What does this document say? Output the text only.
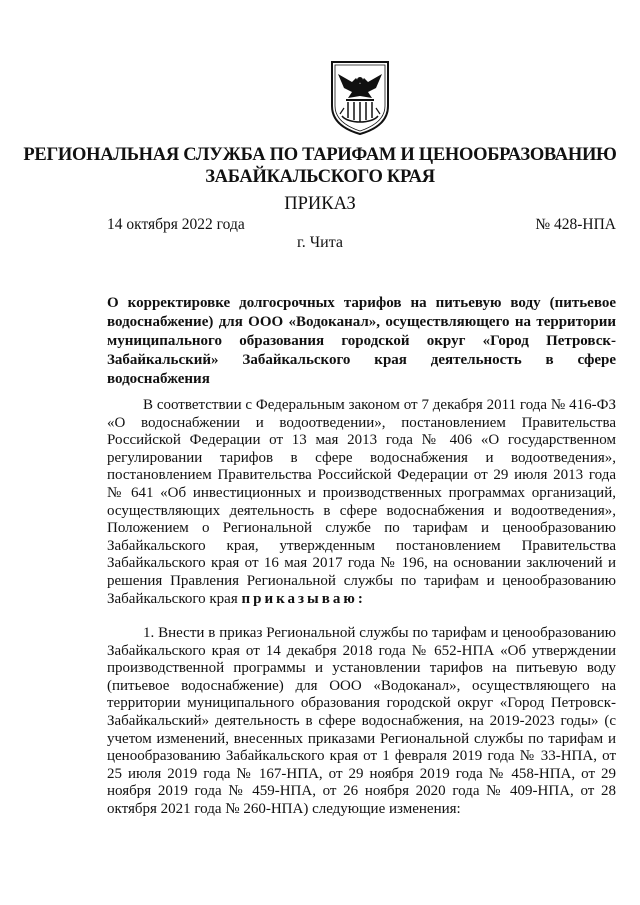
РЕГИОНАЛЬНАЯ СЛУЖБА ПО ТАРИФАМ И ЦЕНООБРАЗОВАНИЮ ЗАБАЙКАЛЬСКОГО КРАЯ
ПРИКАЗ
14 октября 2022 года	№ 428-НПА
г. Чита
О корректировке долгосрочных тарифов на питьевую воду (питьевое водоснабжение) для ООО «Водоканал», осуществляющего на территории муниципального образования городской округ «Город Петровск-Забайкальский» Забайкальского края деятельность в сфере водоснабжения

В соответствии с Федеральным законом от 7 декабря 2011 года № 416-ФЗ «О водоснабжении и водоотведении», постановлением Правительства Российской Федерации от 13 мая 2013 года № 406 «О государственном регулировании тарифов в сфере водоснабжения и водоотведения», постановлением Правительства Российской Федерации от 29 июля 2013 года № 641 «Об инвестиционных и производственных программах организаций, осуществляющих деятельность в сфере водоснабжения и водоотведения», Положением о Региональной службе по тарифам и ценообразованию Забайкальского края, утвержденным постановлением Правительства Забайкальского края от 16 мая 2017 года № 196, на основании заключений и решения Правления Региональной службы по тарифам и ценообразованию Забайкальского края приказываю:

1. Внести в приказ Региональной службы по тарифам и ценообразованию Забайкальского края от 14 декабря 2018 года № 652-НПА «Об утверждении производственной программы и установлении тарифов на питьевую воду (питьевое водоснабжение) для ООО «Водоканал», осуществляющего на территории муниципального образования городской округ «Город Петровск-Забайкальский» деятельность в сфере водоснабжения, на 2019-2023 годы» (с учетом изменений, внесенных приказами Региональной службы по тарифам и ценообразованию Забайкальского края от 1 февраля 2019 года № 33-НПА, от 25 июля 2019 года № 167-НПА, от 29 ноября 2019 года № 458-НПА, от 29 ноября 2019 года № 459-НПА, от 26 ноября 2020 года № 409-НПА, от 28 октября 2021 года № 260-НПА) следующие изменения:
